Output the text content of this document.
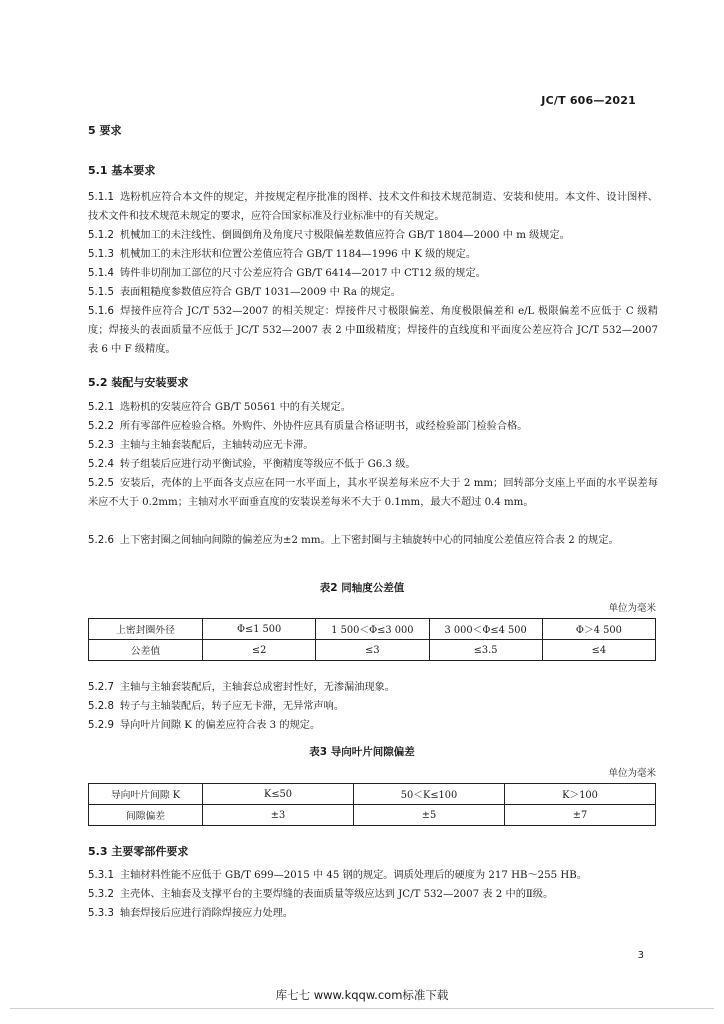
JC/T 606—2021
5 要求
5.1 基本要求
5.1.1 选粉机应符合本文件的规定，并按规定程序批准的图样、技术文件和技术规范制造、安装和使用。本文件、设计图样、技术文件和技术规范未规定的要求，应符合国家标准及行业标准中的有关规定。
5.1.2 机械加工的未注线性、倒圆倒角及角度尺寸极限偏差数值应符合 GB/T 1804—2000 中 m 级规定。
5.1.3 机械加工的未注形状和位置公差值应符合 GB/T 1184—1996 中 K 级的规定。
5.1.4 铸件非切削加工部位的尺寸公差应符合 GB/T 6414—2017 中 CT12 级的规定。
5.1.5 表面粗糙度参数值应符合 GB/T 1031—2009 中 Ra 的规定。
5.1.6 焊接件应符合 JC/T 532—2007 的相关规定：焊接件尺寸极限偏差、角度极限偏差和 e/L 极限偏差不应低于 C 级精度；焊接头的表面质量不应低于 JC/T 532—2007 表 2 中Ⅲ级精度；焊接件的直线度和平面度公差应符合 JC/T 532—2007 表 6 中 F 级精度。
5.2 装配与安装要求
5.2.1 选粉机的安装应符合 GB/T 50561 中的有关规定。
5.2.2 所有零部件应检验合格。外购件、外协件应具有质量合格证明书，或经检验部门检验合格。
5.2.3 主轴与主轴套装配后，主轴转动应无卡滞。
5.2.4 转子组装后应进行动平衡试验，平衡精度等级应不低于 G6.3 级。
5.2.5 安装后，壳体的上平面各支点应在同一水平面上，其水平误差每米应不大于 2 mm；回转部分支座上平面的水平误差每米应不大于 0.2mm；主轴对水平面垂直度的安装误差每米不大于 0.1mm，最大不超过 0.4 mm。
5.2.6 上下密封圈之间轴向间隙的偏差应为±2 mm。上下密封圈与主轴旋转中心的同轴度公差值应符合表 2 的规定。
表2 同轴度公差值
单位为毫米
上密封圈外径	Φ≤1 500	1 500＜Φ≤3 000	3 000＜Φ≤4 500	Φ＞4 500
公差值	≤2	≤3	≤3.5	≤4
5.2.7 主轴与主轴套装配后，主轴套总成密封性好，无渗漏油现象。
5.2.8 转子与主轴装配后，转子应无卡滞，无异常声响。
5.2.9 导向叶片间隙 K 的偏差应符合表 3 的规定。
表3 导向叶片间隙偏差
单位为毫米
导向叶片间隙 K	K≤50	50＜K≤100	K＞100
间隙偏差	±3	±5	±7
5.3 主要零部件要求
5.3.1 主轴材料性能不应低于 GB/T 699—2015 中 45 钢的规定。调质处理后的硬度为 217 HB～255 HB。
5.3.2 主壳体、主轴套及支撑平台的主要焊缝的表面质量等级应达到 JC/T 532—2007 表 2 中的Ⅱ级。
5.3.3 轴套焊接后应进行消除焊接应力处理。
3
库七七 www.kqqw.com标准下载
